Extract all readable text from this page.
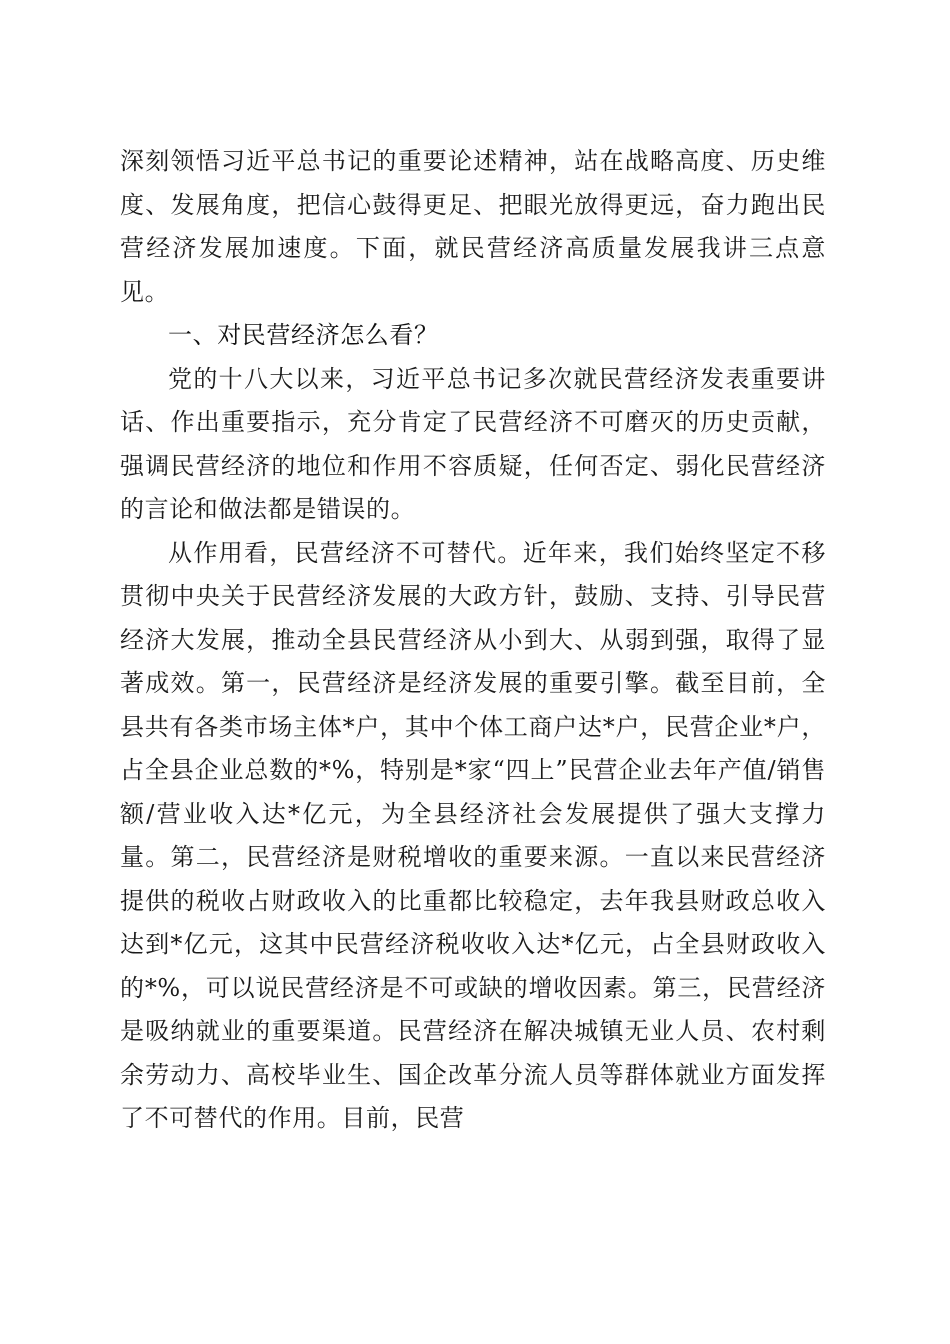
深刻领悟习近平总书记的重要论述精神，站在战略高度、历史维度、发展角度，把信心鼓得更足、把眼光放得更远，奋力跑出民营经济发展加速度。下面，就民营经济高质量发展我讲三点意见。

一、对民营经济怎么看？

党的十八大以来，习近平总书记多次就民营经济发表重要讲话、作出重要指示，充分肯定了民营经济不可磨灭的历史贡献，强调民营经济的地位和作用不容质疑，任何否定、弱化民营经济的言论和做法都是错误的。

从作用看，民营经济不可替代。近年来，我们始终坚定不移贯彻中央关于民营经济发展的大政方针，鼓励、支持、引导民营经济大发展，推动全县民营经济从小到大、从弱到强，取得了显著成效。第一，民营经济是经济发展的重要引擎。截至目前，全县共有各类市场主体*户，其中个体工商户达*户，民营企业*户，占全县企业总数的*%，特别是*家“四上”民营企业去年产值/销售额/营业收入达*亿元，为全县经济社会发展提供了强大支撑力量。第二，民营经济是财税增收的重要来源。一直以来民营经济提供的税收占财政收入的比重都比较稳定，去年我县财政总收入达到*亿元，这其中民营经济税收收入达*亿元，占全县财政收入的*%，可以说民营经济是不可或缺的增收因素。第三，民营经济是吸纳就业的重要渠道。民营经济在解决城镇无业人员、农村剩余劳动力、高校毕业生、国企改革分流人员等群体就业方面发挥了不可替代的作用。目前，民营
